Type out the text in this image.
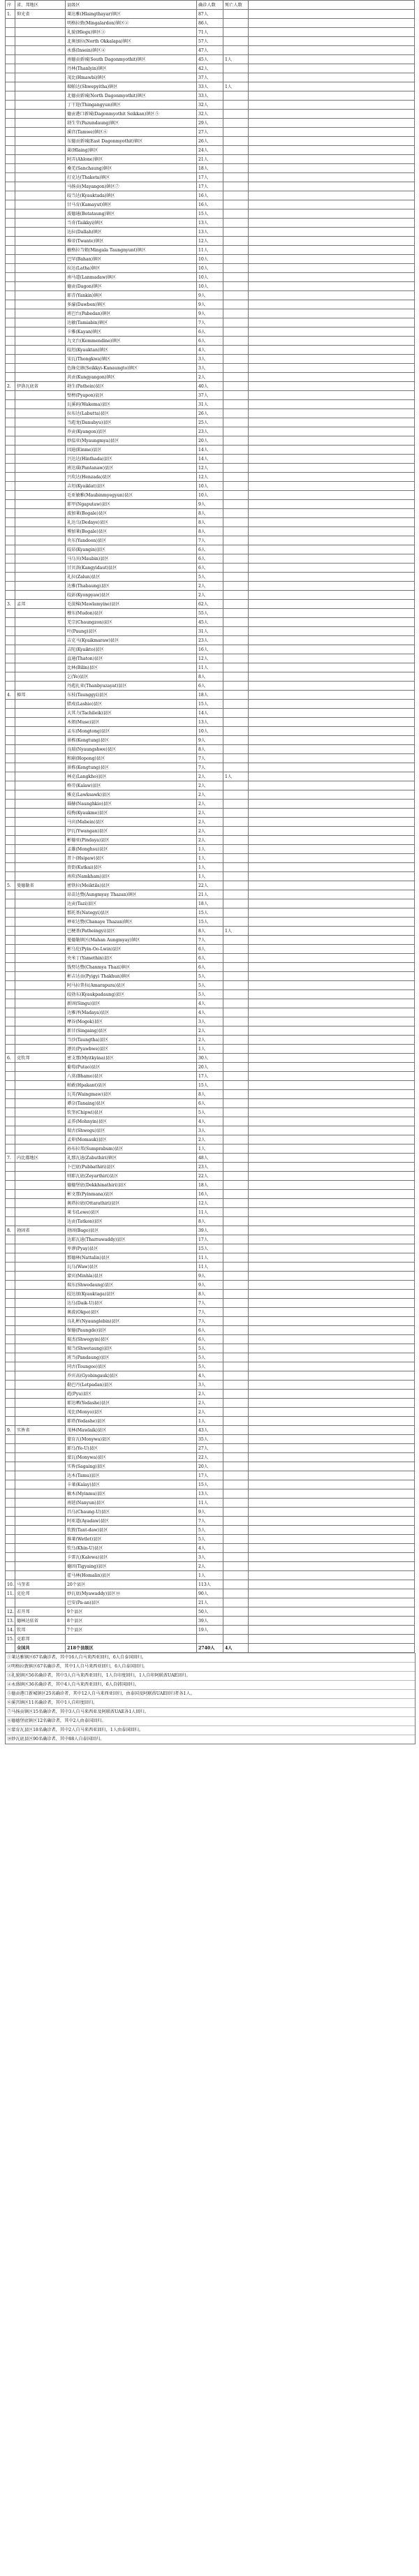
序	省、邦地区	县级区	确诊人数	死亡人数	
1.	仰光省	莱达雅(Hlaingthayar)镇区	87人		
		明格拉敦(Mingalardon)镇区②	86人		
		礼貌(Hlegu)镇区③	71人		
		北奥加拉(North Okkalapa)镇区	57人		
		永盛(Insein)镇区④	47人		
		南德贡新城(South Dagonmyothit)镇区	45人	1人	
		丹林(Thanlyin)镇区	42人		
		茂比(Hmawbi)镇区	37人		
		瑞帕达(Shwepyitha)镇区	33人	1人	
		北德贡新城(North Dagonmyothit)镇区	33人		
		丁干迎(Thingangyun)镇区	32人		
		德贡港口新城(Dagonmyothit Seikkan)镇区⑤	32人		
		勃生堂(Pazundaung)镇区	29人		
		溪宫(Tamwe)镇区⑥	27人		
		东德贡新城(East Dagonmyothit)镇区	26人		
		萊(Hlaing)镇区	24人		
		阿弄(Ahlone)镇区	21人		
		桑羌(Sanchaung)镇区	18人		
		打克达(Thaketa)镇区	17人		
		马扬贡(Mayangon)镇区⑦	17人		
		皎当达(Kyauktada)镇区	16人		
		甘马育(Kamayut)镇区	16人		
		波德通(Botataung)镇区	15人		
		当奇(Taikkyi)镇区	13人		
		达拉(Dallah)镇区	13人		
		堆帝(Twante)镇区	12人		
		敏格拉当娘(Mingala Taungnyunt)镇区	11人		
		巴罕(Bahan)镇区	10人		
		拉达(Latha)镇区	10人		
		南马道(Lanmadaw)镇区	10人		
		德贡(Dagon)镇区	10人		
		耶青(Yankin)镇区	9人		
		多濠(Dawbon)镇区	9人		
		班巴台(Pabedan)镇区	9人		
		达敏(Tamiabin)镇区	7人		
		卡雅(Kayan)镇区	6人		
		九文台(Kemmendine)镇区	6人		
		皎坦(Kyauktan)镇区	4人		
		宋瓦(Thongkwa)镇区	3人		
		色綠克康(Seikkyi-Kanaungto)镇区	3人		
		共贡(Kungyangon)镇区	2人		
2.	伊洛瓦底省	勃生(Pathein)县区	40人		
		壁榜(Pyapon)县区	37人		
		瓦溪码(Wakema)县区	31人		
		拉布达(Labutta)县区	26人		
		当彪龙(Danubyu)县区	25人		
		乔贡(Kyangon)县区	23人		
		妙温亚(Myaungmya)县区	20人		
		因迪(Einme)县区	14人		
		兴达达(Hinthada)县区	14人		
		班达瑙(Pantanaw)县区	12人		
		兴坎达(Henzada)县区	12人		
		吉坦(Kyaiklat)县区	10人		
		毛亚敏雅(Maubinmyegyun)县区	10人		
		耶甲(Ngaputaw)县区	9人		
		波加莱(Bogale)县区	8人		
		礼达乌(Dedaye)县区	8人		
		博加莱(Bogale)县区	8人		
		央东(Yandoon)县区	7人		
		皎昂(Kyangin)县区	6人		
		马乌宾(Maubin)县区	6人		
		甘贝洛(Kangyidaut)县区	6人		
		礼拉(Zalun)县区	5人		
		达雅(Thabaung)县区	2人		
		皎彭(Kyonpyaw)县区	2人		
3.	孟邦	毛淡棉(Mawlamyine)县区	62人		
		穆东(Mudon)县区	55人		
		羌宗(Chaungzon)县区	45人		
		叶(Paung)县区	31人		
		吉克马(Kyaikmaraw)县区	23人		
		吉陀(Kyaikto)县区	16人		
		直通(Thaton)县区	12人		
		比林(Bilin)县区	11人		
		乞(Ye)县区	8人		
		丹彪扎亚(Thanbyuzayat)县区	6人		
4.	掸邦	东枝(Taunggyi)县区	18人		
		腊戍(Lashio)县区	15人		
		大其力(Tachileik)县区	14人		
		木姐(Muse)县区	13人		
		孟东(Mongtong)县区	10人		
		景栋(Kengtung)县区	9人		
		良瑞(Nyaungshwe)县区	8人		
		和崩(Hopong)县区	7人		
		景栋(Kengtung)县区	7人		
		林克(Langkho)县区	2人	1人	
		格劳(Kalaw)县区	2人		
		雅克(Lawksawk)县区	2人		
		瑙赫(Naunghkio)县区	2人		
		皎梅(Kyaukme)县区	2人		
		马宾(Mabein)县区	2人		
		伊瓦(Ywangan)县区	2人		
		彬德亚(Pindaya)县区	2人		
		孟雄(Monghsu)县区	1人		
		昔卜(Hsipaw)县区	1人		
		贵街(Kutkai)县区	1人		
		南坎(Namkham)县区	1人		
5.	曼德勒省	密铁拉(Meiktila)县区	22人		
		昂苗达赞(Aungmyay Thazan)镇区	21人		
		达贡(Tazi)县区	18人		
		那托基(Natogyi)县区	15人		
		禅亚达赞(Chanaye Thazan)镇区	15人		
		巴梗基(Patheingyi)县区	8人	1人	
		曼德勒镇区(Mahan Aungmyay)镇区	7人		
		彬乌伦(Pyin-Oo-Lwin)县区	6人		
		央米丁(Yamethin)县区	6人		
		钱努达赞(Chanmya Thazi)镇区	6人		
		彬吉达贡(Pyigyi Thakhun)镇区	5人		
		阿马拉普拉(Amarapura)县区	5人		
		皎勃东(Kyaukpadaung)县区	5人		
		新固(Singu)县区	4人		
		达雅泽(Madaya)县区	4人		
		摩谷(Mogok)县区	3人		
		新甘(Singaing)县区	2人		
		当沙(Taungtha)县区	2人		
		漂贝(Pyawbwe)县区	1人		
6.	克钦邦	密支那(Myitkyina)县区	30人		
		葡萄(Putao)县区	20人		
		八莫(Bhamo)县区	17人		
		帕敢(Hpakant)县区	15人		
		瓦英(Waingmaw)县区	8人		
		谭奈(Tanaing)县区	6人		
		钦奎(Chipwi)县区	5人		
		孟养(Mohnyin)县区	4人		
		瑞古(Shwegu)县区	3人		
		孟卯(Momauk)县区	2人		
		孙布拉邦(Sumprabum)县区	1人		
7.	内比都地区	礼那瓦迪(Zabuthiri)镇区	48人		
		卜巴底(Pubbathiri)县区	23人		
		则耶瓦底(Zeyarthiri)县区	22人		
		德德堡底(Dekkhinathiri)县区	18人		
		彬文那(Pyinmana)县区	16人		
		奥塔拉底(Ottarathiri)县区	12人		
		莱韦(Lewe)县区	11人		
		达贡(Tatkon)县区	8人		
8.	勃固省	勃固(Bago)县区	39人		
		达耶瓦迪(Tharrawaddy)县区	17人		
		卑谬(Pyay)县区	15人		
		那德林(Nattalin)县区	11人		
		瓦乌(Waw)县区	11人		
		蒙宾(Minhla)县区	9人		
		瑞东(Shwedaung)县区	9人		
		皎达加(Kyauktaga)县区	8人		
		达乌(Daik-U)县区	7人		
		奥波(Okpo)县区	7人		
		良礼彬(Nyaunglebin)县区	7人		
		保德(Paungde)县区	6人		
		瑞杰(Shwegyin)县区	6人		
		瑞当(Shwetaung)县区	5人		
		班当(Pandaung)县区	5人		
		同古(Toungoo)县区	5人		
		乔宾高(Gyobingauk)县区	4人		
		勒巴丹(Letpadan)县区	3人		
		彪(Pyu)县区	2人		
		耶达晒(Yedashe)县区	2人		
		茂比(Monyo)县区	2人		
		耶塔(Yedashe)县区	1人		
9.	实皆省	茂林(Mawlaik)县区	43人		
		蒙育瓦(Monywa)县区	35人		
		耶乌(Ye-U)县区	27人		
		蒙瓦(Monywa)县区	22人		
		实皆(Sagaing)县区	20人		
		达木(Tamu)县区	17人		
		卡莱(Kalay)县区	15人		
		敏木(Myinmu)县区	13人		
		南延(Nanyun)县区	11人		
		昌乌(Chaung-U)县区	9人		
		阿亚道(Ayadaw)县区	7人		
		钦敦(Tant-daw)县区	5人		
		维莱(Wetlet)县区	5人		
		钦乌(Khin-U)县区	4人		
		卡雷瓦(Kalewa)县区	3人		
		德因(Tigyaing)县区	2人		
		霍马林(Homalin)县区	1人		
10.	马奎省	20个县区	113人		
11.	克伦邦	妙瓦底(Myawaddy)县区⑩	90人		
		巴安(Pa-an)县区	21人		
12.	若开邦	9个县区	50人		
13.	德林达依省	8个县区	39人		
14.	钦邦	7个县区	19人		
15.	克耶邦				
	全国共	218个县级区	2740人	4人	
①莱达雅镇区67名确诊者，其中16人自马来西亚回归，6人自泰国回归。
②明格拉敦镇区67名确诊者，其中1人自马来西亚回归，6人自泰国回归。
③礼貌镇区56名确诊者，其中3人自马来西亚回归，1人自印度回归，1人自印阿联酋UAE回归。
④永盛镇区36名确诊者，其中4人自马来西亚回归，6人自韩国回归。
⑤德贡港口新城镇区25名确诊者，其中12人自马来西亚回归，由泰国及阿联酋UAE回归者各1人。
⑥溪宫镇区11名确诊者，其中1人自印度回归。
⑦马扬贡镇区15名确诊者，其中3人自马来西亚及阿联酋UAE各1人回归。
⑧德德堡底镇区12名确诊者，其中2人由泰国回归。
⑨蒙育瓦县区18名确诊者，其中2人自马来西亚回归，1人由泰国回归。
⑩妙瓦底县区90名确诊者，其中88人自泰国回归。
